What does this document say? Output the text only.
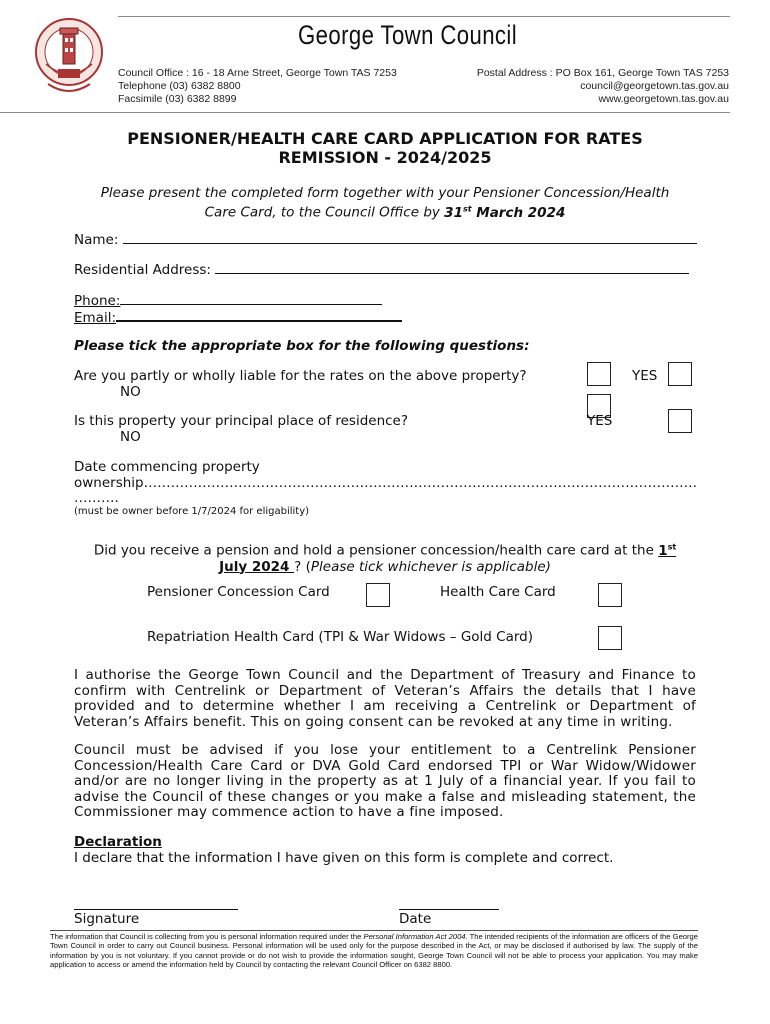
George Town Council
Council Office : 16 - 18 Arne Street, George Town TAS 7253
Telephone (03) 6382 8800
Facsimile (03) 6382 8899
Postal Address : PO Box 161, George Town TAS 7253
council@georgetown.tas.gov.au
www.georgetown.tas.gov.au
PENSIONER/HEALTH CARE CARD APPLICATION FOR RATES
REMISSION - 2024/2025
Please present the completed form together with your Pensioner Concession/Health
Care Card, to the Council Office by 31st March 2024
Name:
Residential Address:
Phone:
Email:
Please tick the appropriate box for the following questions:
Are you partly or wholly liable for the rates on the above property?	YES
NO
Is this property your principal place of residence?	YES
NO
Date commencing property
ownership……………………………………………………………………………………………………………
……….
(must be owner before 1/7/2024 for eligability)
Did you receive a pension and hold a pensioner concession/health care card at the 1st
July 2024 ? (Please tick whichever is applicable)
Pensioner Concession Card	Health Care Card
Repatriation Health Card (TPI & War Widows – Gold Card)
I authorise the George Town Council and the Department of Treasury and Finance to confirm with Centrelink or Department of Veteran’s Affairs the details that I have provided and to determine whether I am receiving a Centrelink or Department of Veteran’s Affairs benefit. This on going consent can be revoked at any time in writing.
Council must be advised if you lose your entitlement to a Centrelink Pensioner Concession/Health Care Card or DVA Gold Card endorsed TPI or War Widow/Widower and/or are no longer living in the property as at 1 July of a financial year. If you fail to advise the Council of these changes or you make a false and misleading statement, the Commissioner may commence action to have a fine imposed.
Declaration
I declare that the information I have given on this form is complete and correct.
Signature	Date
The information that Council is collecting from you is personal information required under the Personal Information Act 2004. The intended recipients of the information are officers of the George Town Council in order to carry out Council business. Personal information will be used only for the purpose described in the Act, or may be disclosed if authorised by law. The supply of the information by you is not voluntary. If you cannot provide or do not wish to provide the information sought, George Town Council will not be able to process your application. You may make application to access or amend the information held by Council by contacting the relevant Council Officer on 6382 8800.
